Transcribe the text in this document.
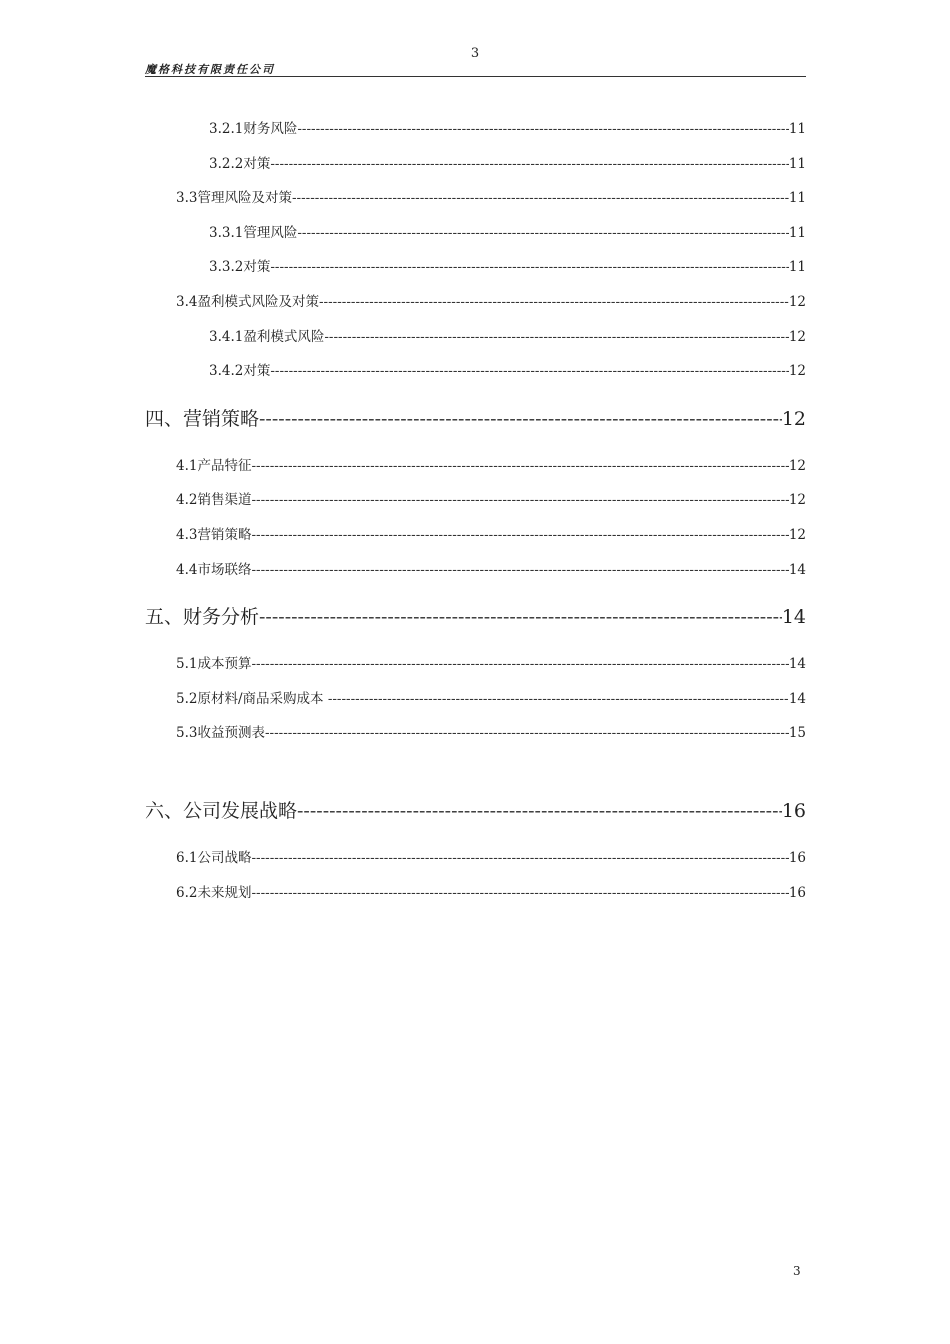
3
魔格科技有限责任公司
3.2.1财务风险 -----	11
3.2.2对策 -----	11
3.3管理风险及对策 -----	11
3.3.1管理风险 -----	11
3.3.2对策 -----	11
3.4盈利模式风险及对策 -----	12
3.4.1盈利模式风险 -----	12
3.4.2对策 -----	12
四、营销策略 -----	12
4.1产品特征 -----	12
4.2销售渠道 -----	12
4.3营销策略 -----	12
4.4市场联络 -----	14
五、财务分析 -----	14
5.1成本预算 -----	14
5.2原材料/商品采购成本 -----	14
5.3收益预测表 -----	15
六、公司发展战略 -----	16
6.1公司战略 -----	16
6.2未来规划 -----	16
3
